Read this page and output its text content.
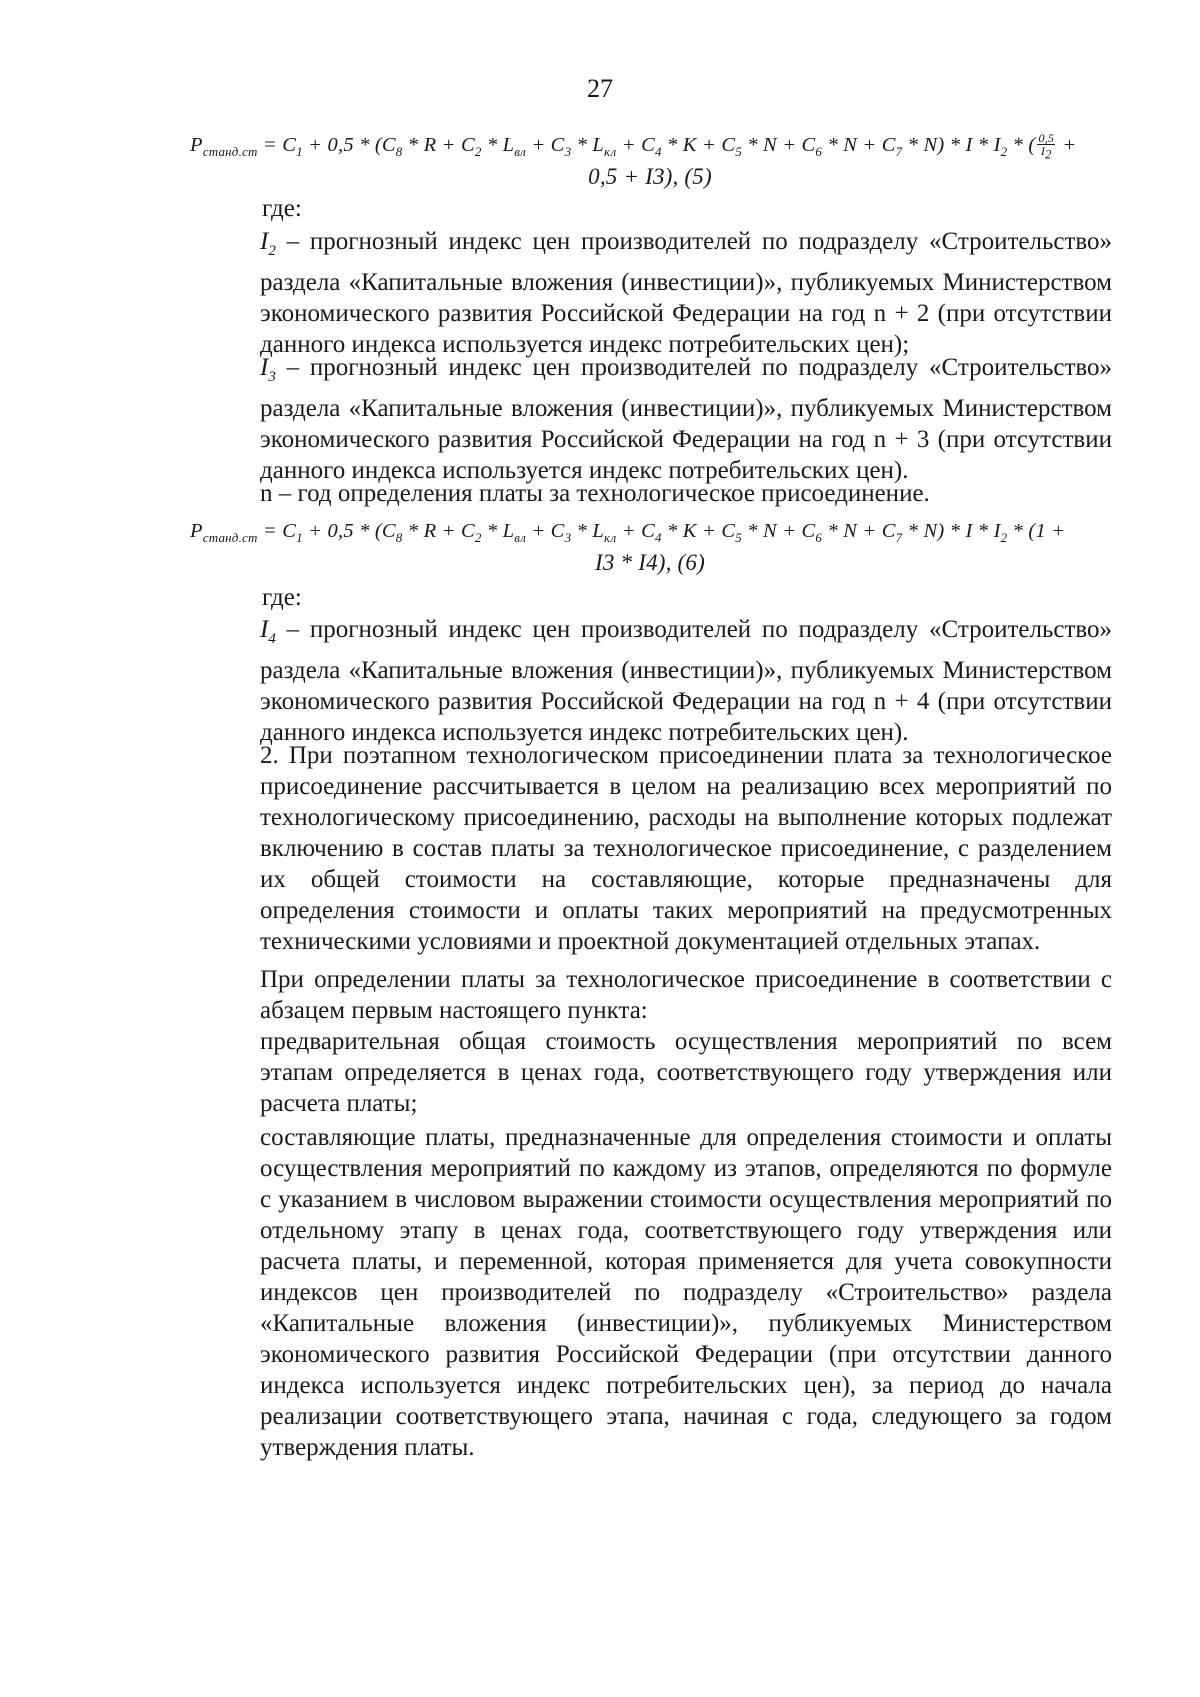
27
$P_{станд.ст} = C_1 + 0,5 * (C_8 * R + C_2 * L_{вл} + C_3 * L_{кл} + C_4 * K + C_5 * N + C_6 * N + C_7 * N) * I * I_2$ * ( $\frac{0,5}{I_2}$ +
0,5 + I3), (5)
где:
$I_2$ – прогнозный индекс цен производителей по подразделу «Строительство» раздела «Капитальные вложения (инвестиции)», публикуемых Министерством экономического развития Российской Федерации на год n + 2 (при отсутствии данного индекса используется индекс потребительских цен);
$I_3$ – прогнозный индекс цен производителей по подразделу «Строительство» раздела «Капитальные вложения (инвестиции)», публикуемых Министерством экономического развития Российской Федерации на год n + 3 (при отсутствии данного индекса используется индекс потребительских цен).
n – год определения платы за технологическое присоединение.
$P_{станд.ст} = C_1 + 0,5 * (C_8 * R + C_2 * L_{вл} + C_3 * L_{кл} + C_4 * K + C_5 * N + C_6 * N + C_7 * N) * I * I_2 * (1$ +
I3 * I4), (6)
где:
$I_4$ – прогнозный индекс цен производителей по подразделу «Строительство» раздела «Капитальные вложения (инвестиции)», публикуемых Министерством экономического развития Российской Федерации на год n + 4 (при отсутствии данного индекса используется индекс потребительских цен).
2. При поэтапном технологическом присоединении плата за технологическое присоединение рассчитывается в целом на реализацию всех мероприятий по технологическому присоединению, расходы на выполнение которых подлежат включению в состав платы за технологическое присоединение, с разделением их общей стоимости на составляющие, которые предназначены для определения стоимости и оплаты таких мероприятий на предусмотренных техническими условиями и проектной документацией отдельных этапах.
При определении платы за технологическое присоединение в соответствии с абзацем первым настоящего пункта:
предварительная общая стоимость осуществления мероприятий по всем этапам определяется в ценах года, соответствующего году утверждения или расчета платы;
составляющие платы, предназначенные для определения стоимости и оплаты осуществления мероприятий по каждому из этапов, определяются по формуле с указанием в числовом выражении стоимости осуществления мероприятий по отдельному этапу в ценах года, соответствующего году утверждения или расчета платы, и переменной, которая применяется для учета совокупности индексов цен производителей по подразделу «Строительство» раздела «Капитальные вложения (инвестиции)», публикуемых Министерством экономического развития Российской Федерации (при отсутствии данного индекса используется индекс потребительских цен), за период до начала реализации соответствующего этапа, начиная с года, следующего за годом утверждения платы.
